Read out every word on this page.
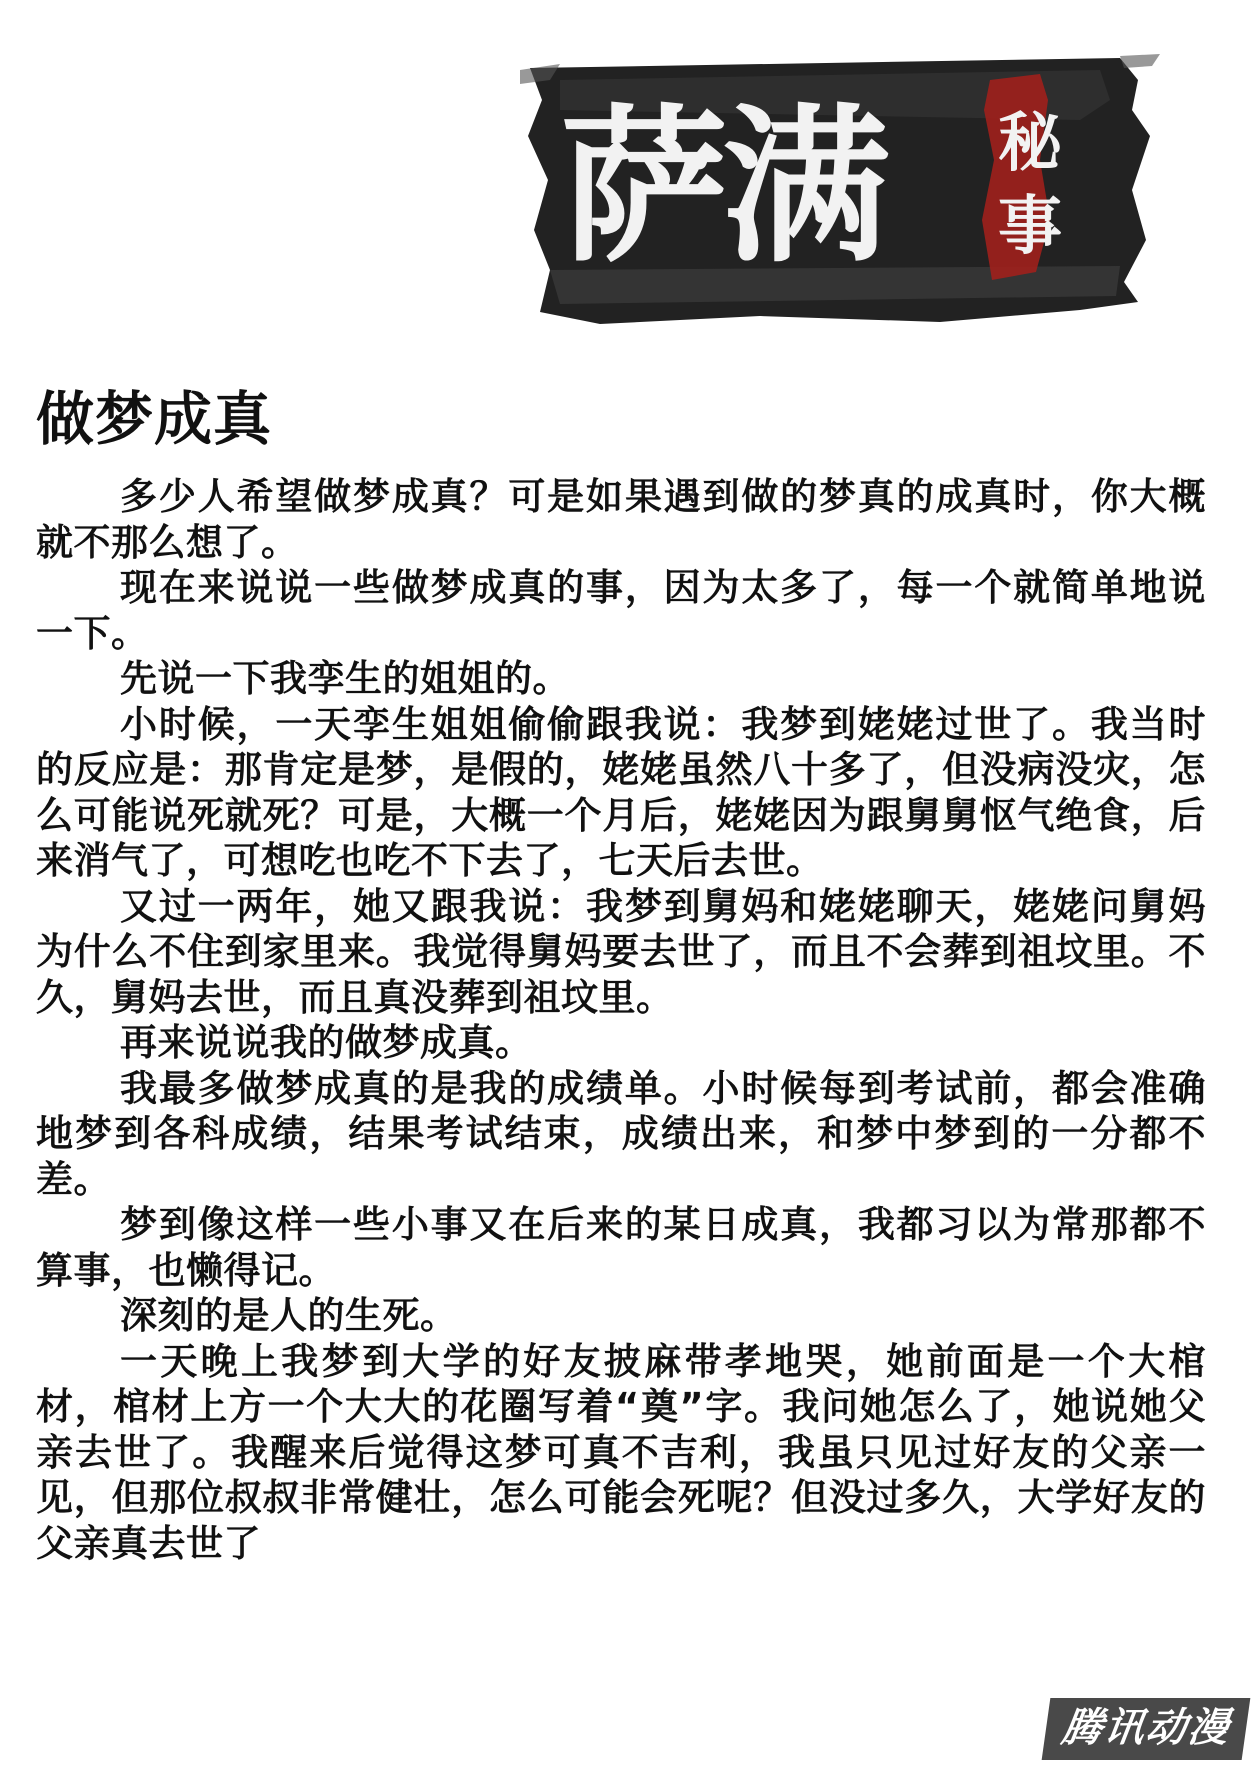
萨满 秘
事
做梦成真

多少人希望做梦成真？可是如果遇到做的梦真的成真时，你大概就不那么想了。

现在来说说一些做梦成真的事，因为太多了，每一个就简单地说一下。

先说一下我孪生的姐姐的。

小时候，一天孪生姐姐偷偷跟我说：我梦到姥姥过世了。我当时的反应是：那肯定是梦，是假的，姥姥虽然八十多了，但没病没灾，怎么可能说死就死？可是，大概一个月后，姥姥因为跟舅舅怄气绝食，后来消气了，可想吃也吃不下去了，七天后去世。

又过一两年，她又跟我说：我梦到舅妈和姥姥聊天，姥姥问舅妈为什么不住到家里来。我觉得舅妈要去世了，而且不会葬到祖坟里。不久，舅妈去世，而且真没葬到祖坟里。

再来说说我的做梦成真。

我最多做梦成真的是我的成绩单。小时候每到考试前，都会准确地梦到各科成绩，结果考试结束，成绩出来，和梦中梦到的一分都不差。

梦到像这样一些小事又在后来的某日成真，我都习以为常那都不算事，也懒得记。

深刻的是人的生死。

一天晚上我梦到大学的好友披麻带孝地哭，她前面是一个大棺材，棺材上方一个大大的花圈写着“奠”字。我问她怎么了，她说她父亲去世了。我醒来后觉得这梦可真不吉利，我虽只见过好友的父亲一见，但那位叔叔非常健壮，怎么可能会死呢？但没过多久，大学好友的父亲真去世了

腾讯动漫
